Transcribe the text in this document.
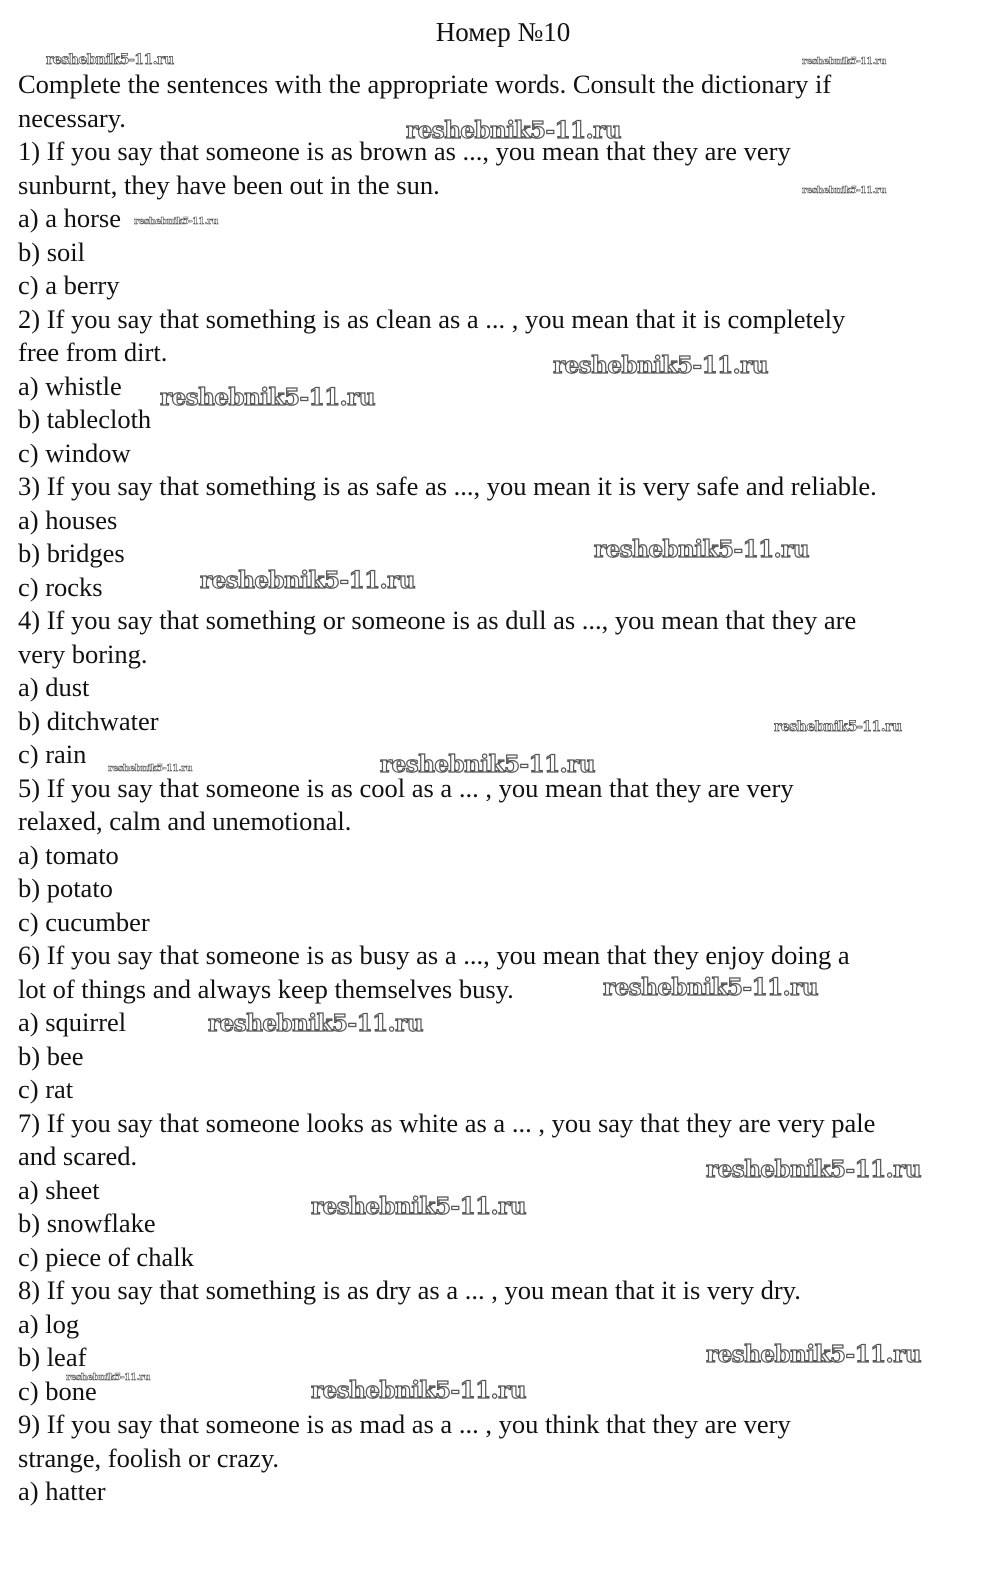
Номер №10
Complete the sentences with the appropriate words. Consult the dictionary if
necessary.
1) If you say that someone is as brown as ..., you mean that they are very
sunburnt, they have been out in the sun.
a) a horse
b) soil
c) a berry
2) If you say that something is as clean as a ... , you mean that it is completely
free from dirt.
a) whistle
b) tablecloth
c) window
3) If you say that something is as safe as ..., you mean it is very safe and reliable.
a) houses
b) bridges
c) rocks
4) If you say that something or someone is as dull as ..., you mean that they are
very boring.
a) dust
b) ditchwater
c) rain
5) If you say that someone is as cool as a ... , you mean that they are very
relaxed, calm and unemotional.
a) tomato
b) potato
c) cucumber
6) If you say that someone is as busy as a ..., you mean that they enjoy doing a
lot of things and always keep themselves busy.
a) squirrel
b) bee
c) rat
7) If you say that someone looks as white as a ... , you say that they are very pale
and scared.
a) sheet
b) snowflake
c) piece of chalk
8) If you say that something is as dry as a ... , you mean that it is very dry.
a) log
b) leaf
c) bone
9) If you say that someone is as mad as a ... , you think that they are very
strange, foolish or crazy.
a) hatter
reshebnik5-11.ru	reshebnik5-11.ru
reshebnik5-11.ru
reshebnik5-11.ru
reshebnik5-11.ru
reshebnik5-11.ru
reshebnik5-11.ru
reshebnik5-11.ru
reshebnik5-11.ru
reshebnik5-11.ru
reshebnik5-11.ru
reshebnik5-11.ru
reshebnik5-11.ru
reshebnik5-11.ru
reshebnik5-11.ru
reshebnik5-11.ru
reshebnik5-11.ru
reshebnik5-11.ru	reshebnik5-11.ru
